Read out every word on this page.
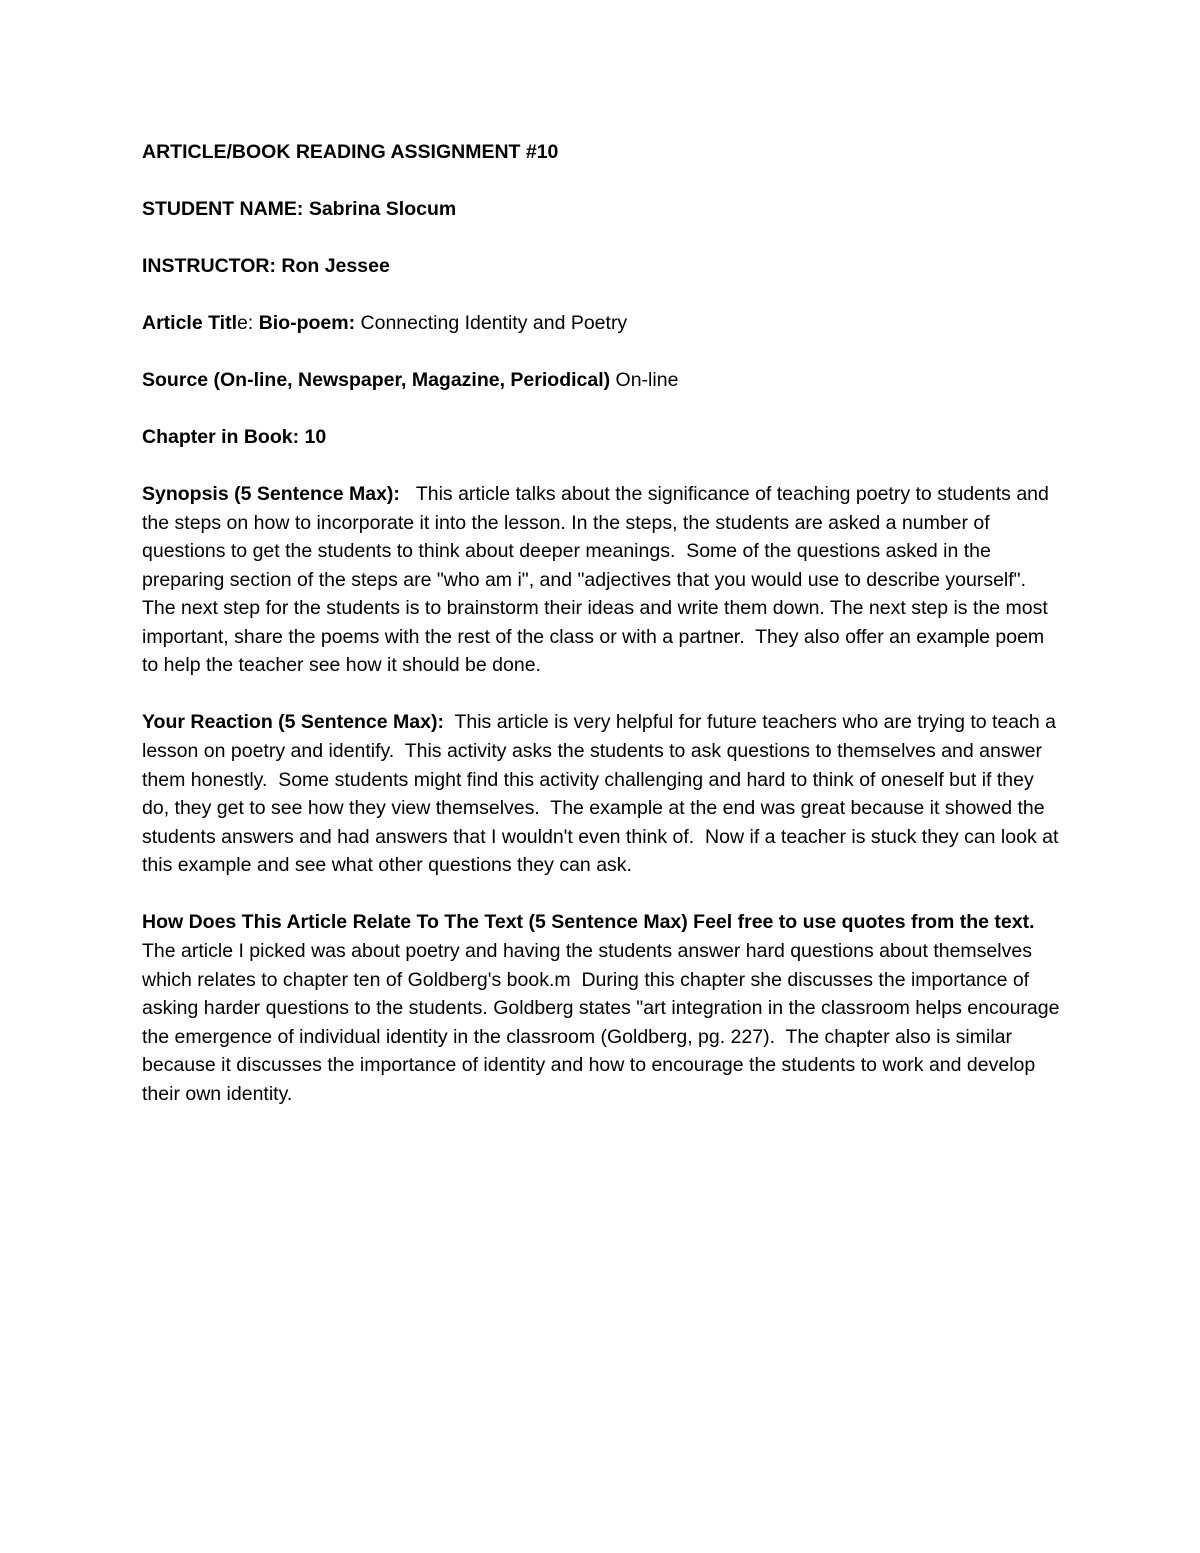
ARTICLE/BOOK READING ASSIGNMENT #10

STUDENT NAME: Sabrina Slocum

INSTRUCTOR: Ron Jessee

Article Title: Bio-poem: Connecting Identity and Poetry

Source (On-line, Newspaper, Magazine, Periodical) On-line

Chapter in Book: 10

Synopsis (5 Sentence Max):   This article talks about the significance of teaching poetry to students and the steps on how to incorporate it into the lesson. In the steps, the students are asked a number of questions to get the students to think about deeper meanings.  Some of the questions asked in the preparing section of the steps are "who am i", and "adjectives that you would use to describe yourself". The next step for the students is to brainstorm their ideas and write them down. The next step is the most important, share the poems with the rest of the class or with a partner.  They also offer an example poem to help the teacher see how it should be done.

Your Reaction (5 Sentence Max):  This article is very helpful for future teachers who are trying to teach a lesson on poetry and identify.  This activity asks the students to ask questions to themselves and answer them honestly.  Some students might find this activity challenging and hard to think of oneself but if they do, they get to see how they view themselves.  The example at the end was great because it showed the students answers and had answers that I wouldn't even think of.  Now if a teacher is stuck they can look at this example and see what other questions they can ask.

How Does This Article Relate To The Text (5 Sentence Max) Feel free to use quotes from the text. The article I picked was about poetry and having the students answer hard questions about themselves which relates to chapter ten of Goldberg's book.m  During this chapter she discusses the importance of asking harder questions to the students. Goldberg states "art integration in the classroom helps encourage the emergence of individual identity in the classroom (Goldberg, pg. 227).  The chapter also is similar because it discusses the importance of identity and how to encourage the students to work and develop their own identity.
